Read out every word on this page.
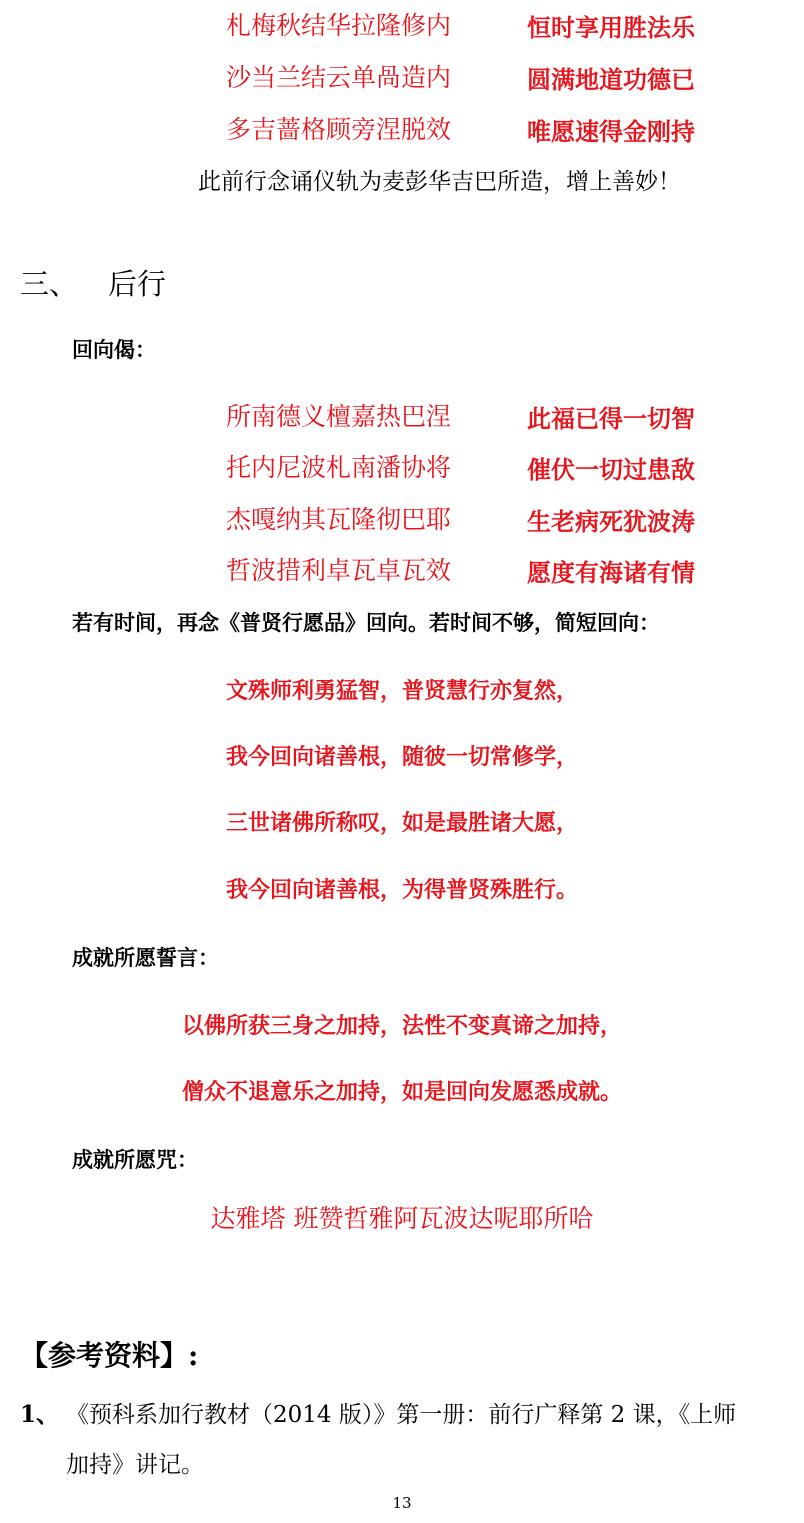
札梅秋结华拉隆修内	恒时享用胜法乐
沙当兰结云单咼造内	圆满地道功德已
多吉蔷格顾旁涅脱效	唯愿速得金刚持
此前行念诵仪轨为麦彭华吉巴所造，增上善妙！
三、 后行
回向偈：
所南德义檀嘉热巴涅	此福已得一切智
托内尼波札南潘协将	催伏一切过患敌
杰嘎纳其瓦隆彻巴耶	生老病死犹波涛
哲波措利卓瓦卓瓦效	愿度有海诸有情
若有时间，再念《普贤行愿品》回向。若时间不够，简短回向：
文殊师利勇猛智，普贤慧行亦复然，
我今回向诸善根，随彼一切常修学，
三世诸佛所称叹，如是最胜诸大愿，
我今回向诸善根，为得普贤殊胜行。
成就所愿誓言：
以佛所获三身之加持，法性不变真谛之加持，
僧众不退意乐之加持，如是回向发愿悉成就。
成就所愿咒：
达雅塔 班赞哲雅阿瓦波达呢耶所哈
【参考资料】:
1、 《预科系加行教材（2014 版）》第一册：前行广释第 2 课，《上师
加持》讲记。
13
